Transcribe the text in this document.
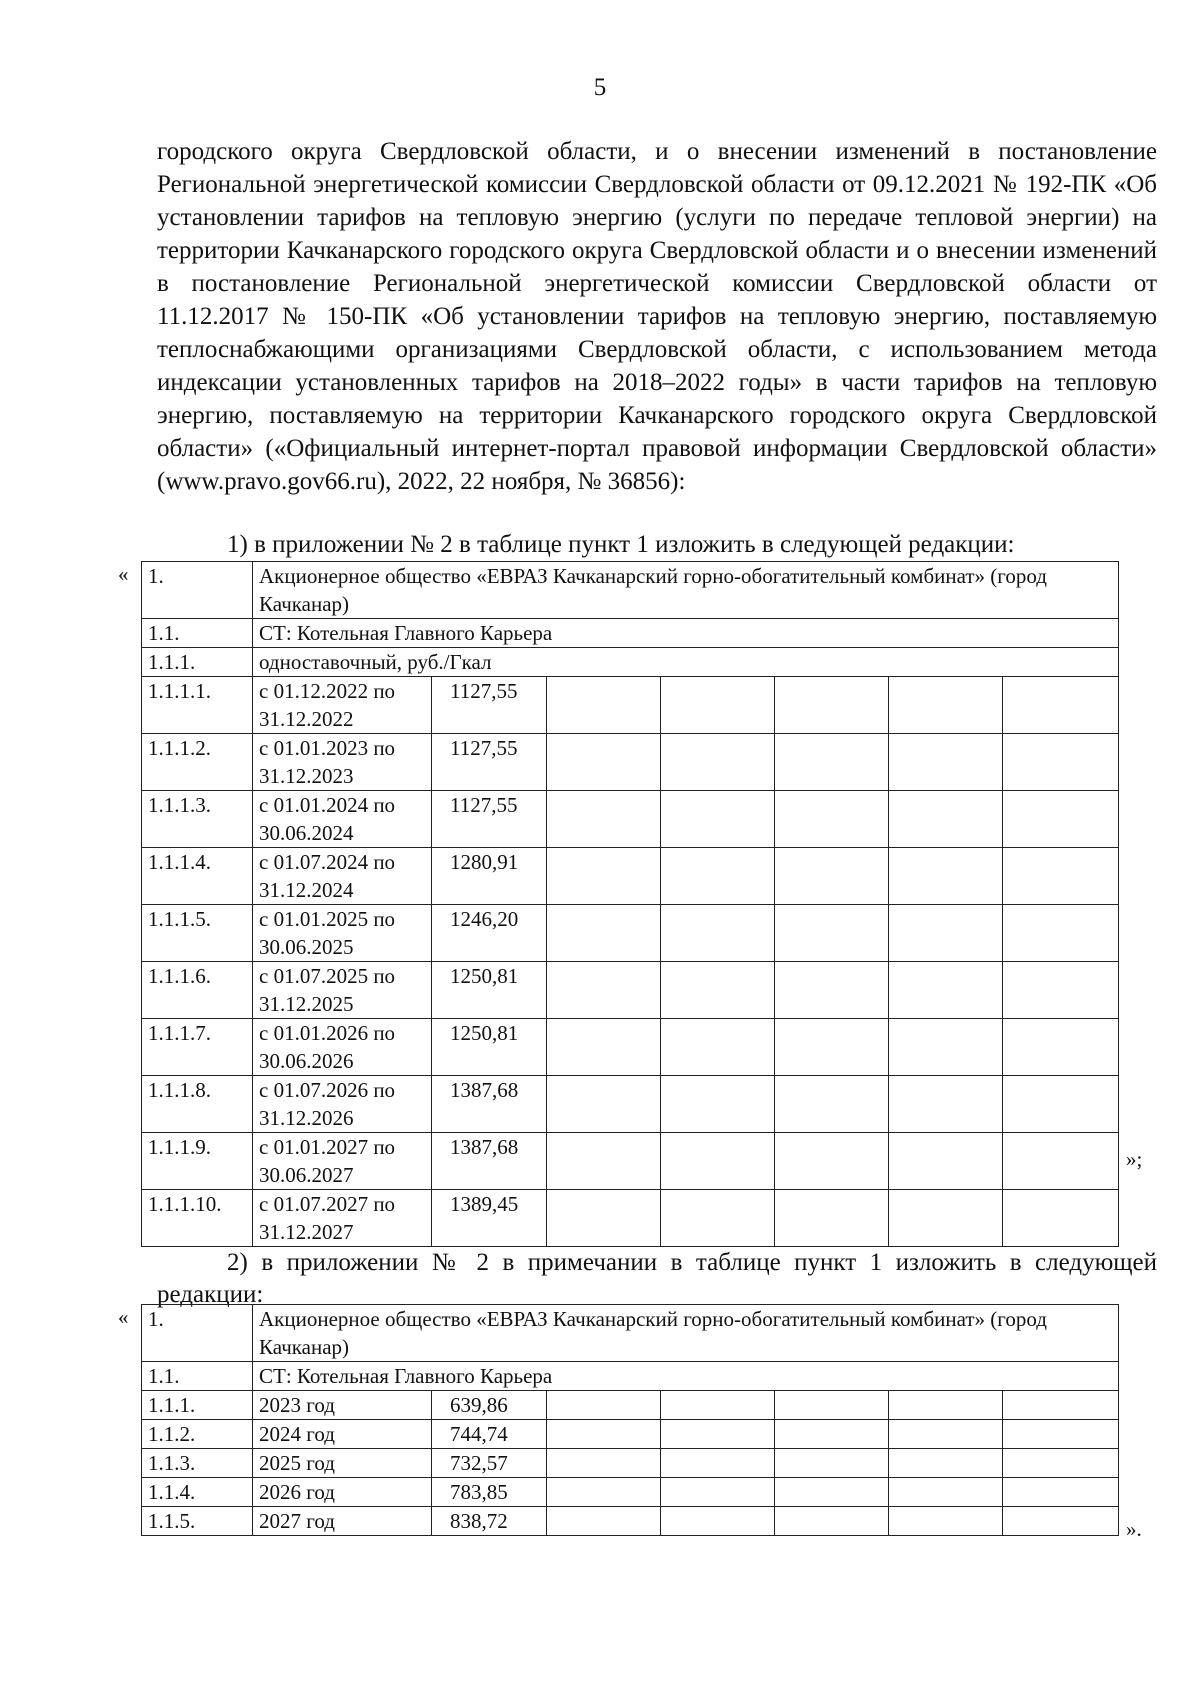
5

городского округа Свердловской области, и о внесении изменений в постановление Региональной энергетической комиссии Свердловской области от 09.12.2021 № 192-ПК «Об установлении тарифов на тепловую энергию (услуги по передаче тепловой энергии) на территории Качканарского городского округа Свердловской области и о внесении изменений в постановление Региональной энергетической комиссии Свердловской области от 11.12.2017 № 150-ПК «Об установлении тарифов на тепловую энергию, поставляемую теплоснабжающими организациями Свердловской области, с использованием метода индексации установленных тарифов на 2018–2022 годы» в части тарифов на тепловую энергию, поставляемую на территории Качканарского городского округа Свердловской области» («Официальный интернет-портал правовой информации Свердловской области» (www.pravo.gov66.ru), 2022, 22 ноября, № 36856):

1) в приложении № 2 в таблице пункт 1 изложить в следующей редакции:

« 1.	Акционерное общество «ЕВРАЗ Качканарский горно-обогатительный комбинат» (город Качканар)						
1.1.	СТ: Котельная Главного Карьера						
1.1.1.	одноставочный, руб./Гкал						
1.1.1.1.	с 01.12.2022 по 31.12.2022	1127,55					
1.1.1.2.	с 01.01.2023 по 31.12.2023	1127,55					
1.1.1.3.	с 01.01.2024 по 30.06.2024	1127,55					
1.1.1.4.	с 01.07.2024 по 31.12.2024	1280,91					
1.1.1.5.	с 01.01.2025 по 30.06.2025	1246,20					
1.1.1.6.	с 01.07.2025 по 31.12.2025	1250,81					
1.1.1.7.	с 01.01.2026 по 30.06.2026	1250,81					
1.1.1.8.	с 01.07.2026 по 31.12.2026	1387,68					
1.1.1.9.	с 01.01.2027 по 30.06.2027	1387,68					
1.1.1.10.	с 01.07.2027 по 31.12.2027	1389,45					
»;

2) в приложении № 2 в примечании в таблице пункт 1 изложить в следующей редакции:

« 1.	Акционерное общество «ЕВРАЗ Качканарский горно-обогатительный комбинат» (город Качканар)						
1.1.	СТ: Котельная Главного Карьера						
1.1.1.	2023 год	639,86					
1.1.2.	2024 год	744,74					
1.1.3.	2025 год	732,57					
1.1.4.	2026 год	783,85					
1.1.5.	2027 год	838,72						».
